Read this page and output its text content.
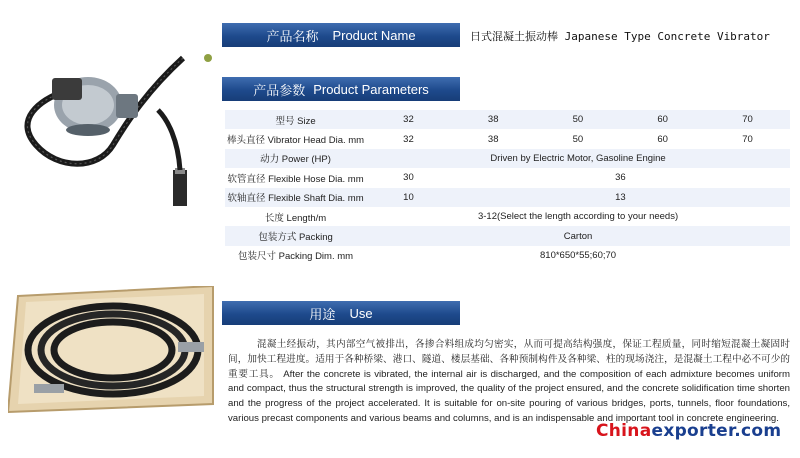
产品名称 Product Name	日式混凝土振动棒 Japanese Type Concrete Vibrator
产品参数 Product Parameters
型号 Size	32	38	50	60	70
棒头直径 Vibrator Head Dia. mm	32	38	50	60	70
动力 Power (HP)	Driven by Electric Motor, Gasoline Engine				
软管直径 Flexible Hose Dia. mm	30	36			
软轴直径 Flexible Shaft Dia. mm	10	13			
长度 Length/m	3-12(Select the length according to your needs)				
包装方式 Packing	Carton				
包装尺寸 Packing Dim. mm	810*650*55;60;70				
用途 Use

混凝土经振动，其内部空气被排出，各掺合料组成均匀密实，从而可提高结构强度，保证工程质量，同时缩短混凝土凝固时间，加快工程进度。适用于各种桥梁、港口、隧道、楼层基础、各种预制构件及各种梁、柱的现场浇注，是混凝土工程中必不可少的重要工具。 After the concrete is vibrated, the internal air is discharged, and the composition of each admixture becomes uniform and compact, thus the structural strength is improved, the quality of the project ensured, and the concrete solidification time shorten and the progress of the project accelerated. It is suitable for on-site pouring of various bridges, ports, tunnels, floor foundations, various precast components and various beams and columns, and is an indispensable and important tool in concrete engineering.

Chinaexporter.com
